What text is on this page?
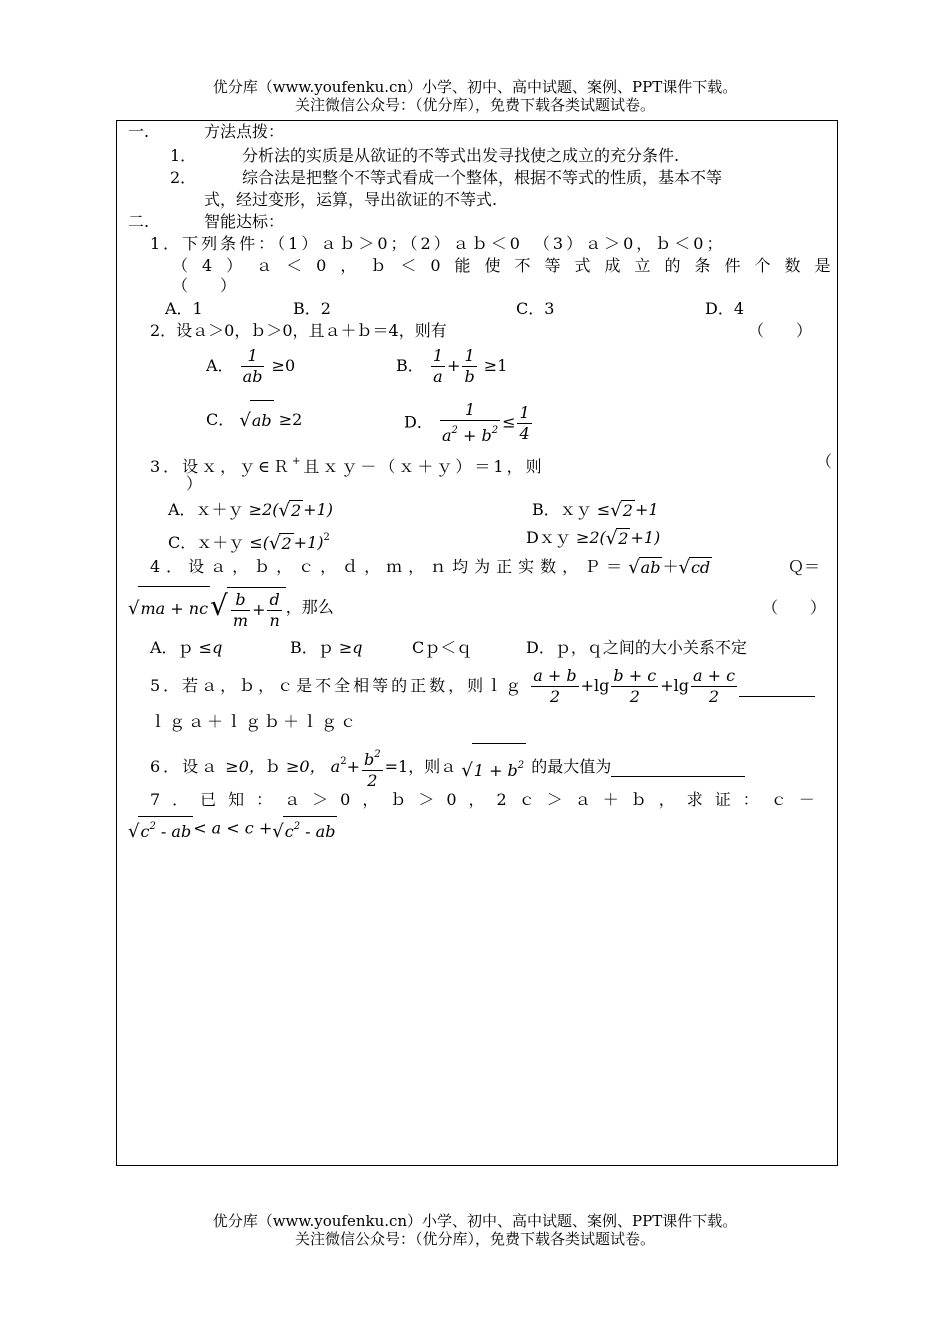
优分库（www.youfenku.cn）小学、初中、高中试题、案例、PPT课件下载。
关注微信公众号：（优分库），免费下载各类试题试卷。
一.	方法点拨：
1．	分析法的实质是从欲证的不等式出发寻找使之成立的充分条件.
2．	综合法是把整个不等式看成一个整体，根据不等式的性质，基本不等
式，经过变形，运算，导出欲证的不等式.
二.	智能达标：
1．下列条件：（1）ａｂ＞0；（2）ａｂ＜0　（3）ａ＞0，ｂ＜0；
（4）ａ＜0，ｂ＜0能使不等式成立的条件个数是
（　　）
A．1	B．2	C．3	D．4
2．设ａ＞0，ｂ＞0，且ａ＋ｂ＝4，则有	（　　）
A． $\frac{1}{ab} \ge 0$	B． $\frac{1}{a} + \frac{1}{b} \ge 1$
C． √ab ≥2	D． $\frac{1}{a^2 + b^2} \le \frac{1}{4}$
3．设ｘ，ｙ∈Ｒ+且ｘｙ－（ｘ＋ｙ）＝1，则	（
）
A．ｘ＋ｙ ≥2(√2 +1)	B．ｘｙ ≤√2 +1
C．ｘ＋ｙ $\le(√2 +1)^2$	Dｘｙ ≥2(√2 +1)
4．设ａ，ｂ，ｃ，ｄ，ｍ，ｎ均为正实数，Ｐ＝√ab ＋√cd	Ｑ＝
$√ma + nc√ \frac{b}{m} + \frac{d}{n}$ ，那么	（　　）
A．ｐ ≤q	B．ｐ ≥q	Cｐ＜ｑ	D．ｐ，ｑ之间的大小关系不定
5．若ａ，ｂ，ｃ是不全相等的正数，则ｌｇ $\frac{a + b}{2} +\lg \frac{b + c}{2} +\lg \frac{a + c}{2}$
ｌｇａ＋ｌｇｂ＋ｌｇｃ
6．设ａ ≥0，ｂ ≥0， $a^2+ \frac{b^2}{2} =1$，则ａ $√1 + b^2$ 的最大值为
7．已知：ａ＞0，ｂ＞0，2ｃ＞ａ＋ｂ，求证：ｃ－
$√c^2$ - ab < $a < c +√c^2$ - ab
优分库（www.youfenku.cn）小学、初中、高中试题、案例、PPT课件下载。
关注微信公众号：（优分库），免费下载各类试题试卷。
